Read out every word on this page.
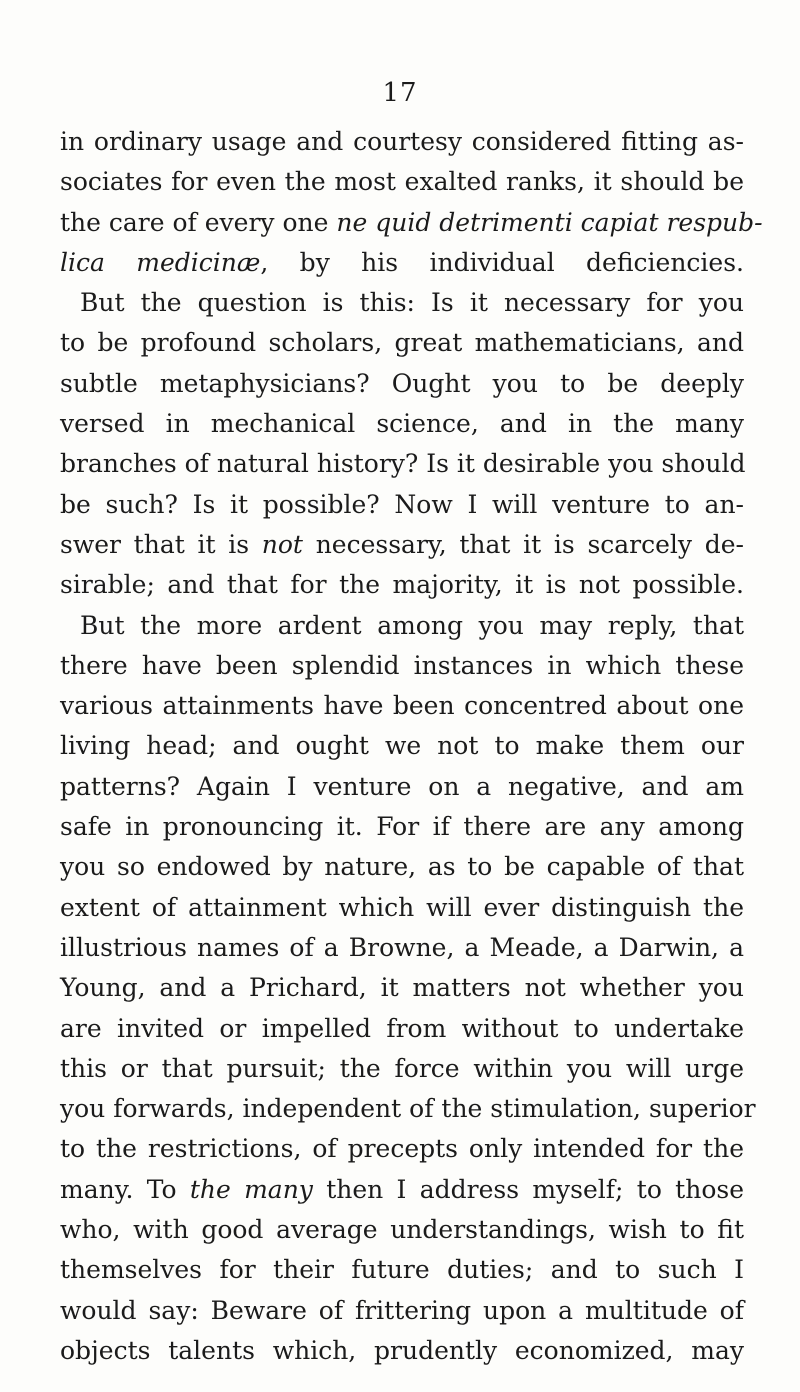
17
in ordinary usage and courtesy considered fitting as-
sociates for even the most exalted ranks, it should be
the care of every one ne quid detrimenti capiat respub-
lica medicinæ, by his individual deficiencies.
But the question is this: Is it necessary for you
to be profound scholars, great mathematicians, and
subtle metaphysicians? Ought you to be deeply
versed in mechanical science, and in the many
branches of natural history? Is it desirable you should
be such? Is it possible? Now I will venture to an-
swer that it is not necessary, that it is scarcely de-
sirable; and that for the majority, it is not possible.
But the more ardent among you may reply, that
there have been splendid instances in which these
various attainments have been concentred about one
living head; and ought we not to make them our
patterns? Again I venture on a negative, and am
safe in pronouncing it. For if there are any among
you so endowed by nature, as to be capable of that
extent of attainment which will ever distinguish the
illustrious names of a Browne, a Meade, a Darwin, a
Young, and a Prichard, it matters not whether you
are invited or impelled from without to undertake
this or that pursuit; the force within you will urge
you forwards, independent of the stimulation, superior
to the restrictions, of precepts only intended for the
many. To the many then I address myself; to those
who, with good average understandings, wish to fit
themselves for their future duties; and to such I
would say: Beware of frittering upon a multitude of
objects talents which, prudently economized, may
